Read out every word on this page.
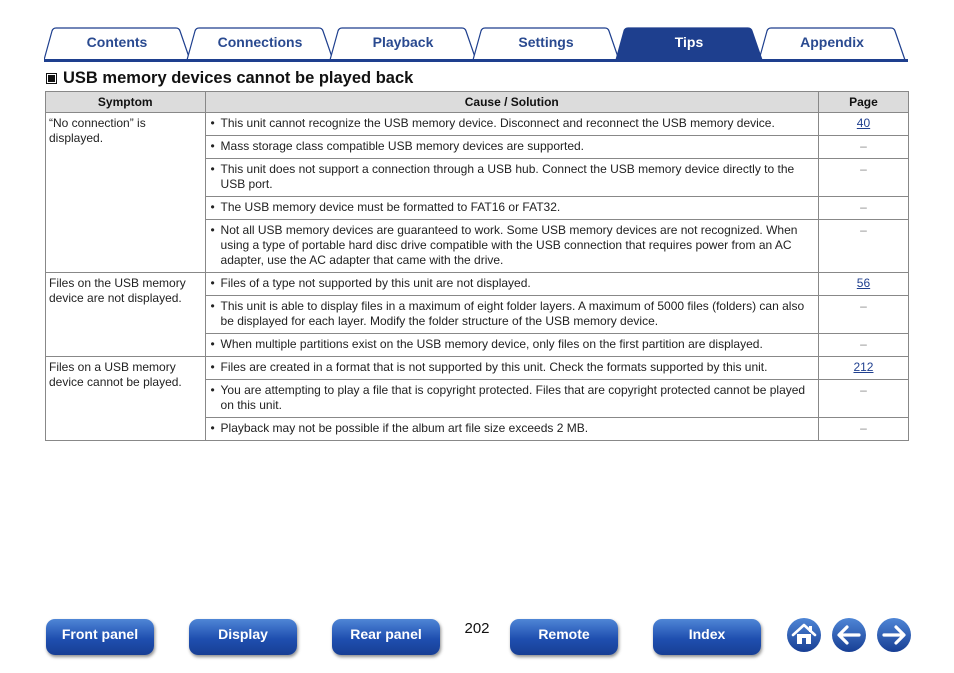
Contents	Connections	Playback	Settings	Tips	Appendix
USB memory devices cannot be played back
Symptom	Cause / Solution	Page
“No connection” is displayed.	• This unit cannot recognize the USB memory device. Disconnect and reconnect the USB memory device.	40
	• Mass storage class compatible USB memory devices are supported.	–
	• This unit does not support a connection through a USB hub. Connect the USB memory device directly to the USB port.	–
	• The USB memory device must be formatted to FAT16 or FAT32.	–
	• Not all USB memory devices are guaranteed to work. Some USB memory devices are not recognized. When using a type of portable hard disc drive compatible with the USB connection that requires power from an AC adapter, use the AC adapter that came with the drive.	–
Files on the USB memory device are not displayed.	• Files of a type not supported by this unit are not displayed.	56
	• This unit is able to display files in a maximum of eight folder layers. A maximum of 5000 files (folders) can also be displayed for each layer. Modify the folder structure of the USB memory device.	–
	• When multiple partitions exist on the USB memory device, only files on the first partition are displayed.	–
Files on a USB memory device cannot be played.	• Files are created in a format that is not supported by this unit. Check the formats supported by this unit.	212
	• You are attempting to play a file that is copyright protected. Files that are copyright protected cannot be played on this unit.	–
	• Playback may not be possible if the album art file size exceeds 2 MB.	–
Front panel	Display	Rear panel	202	Remote	Index
